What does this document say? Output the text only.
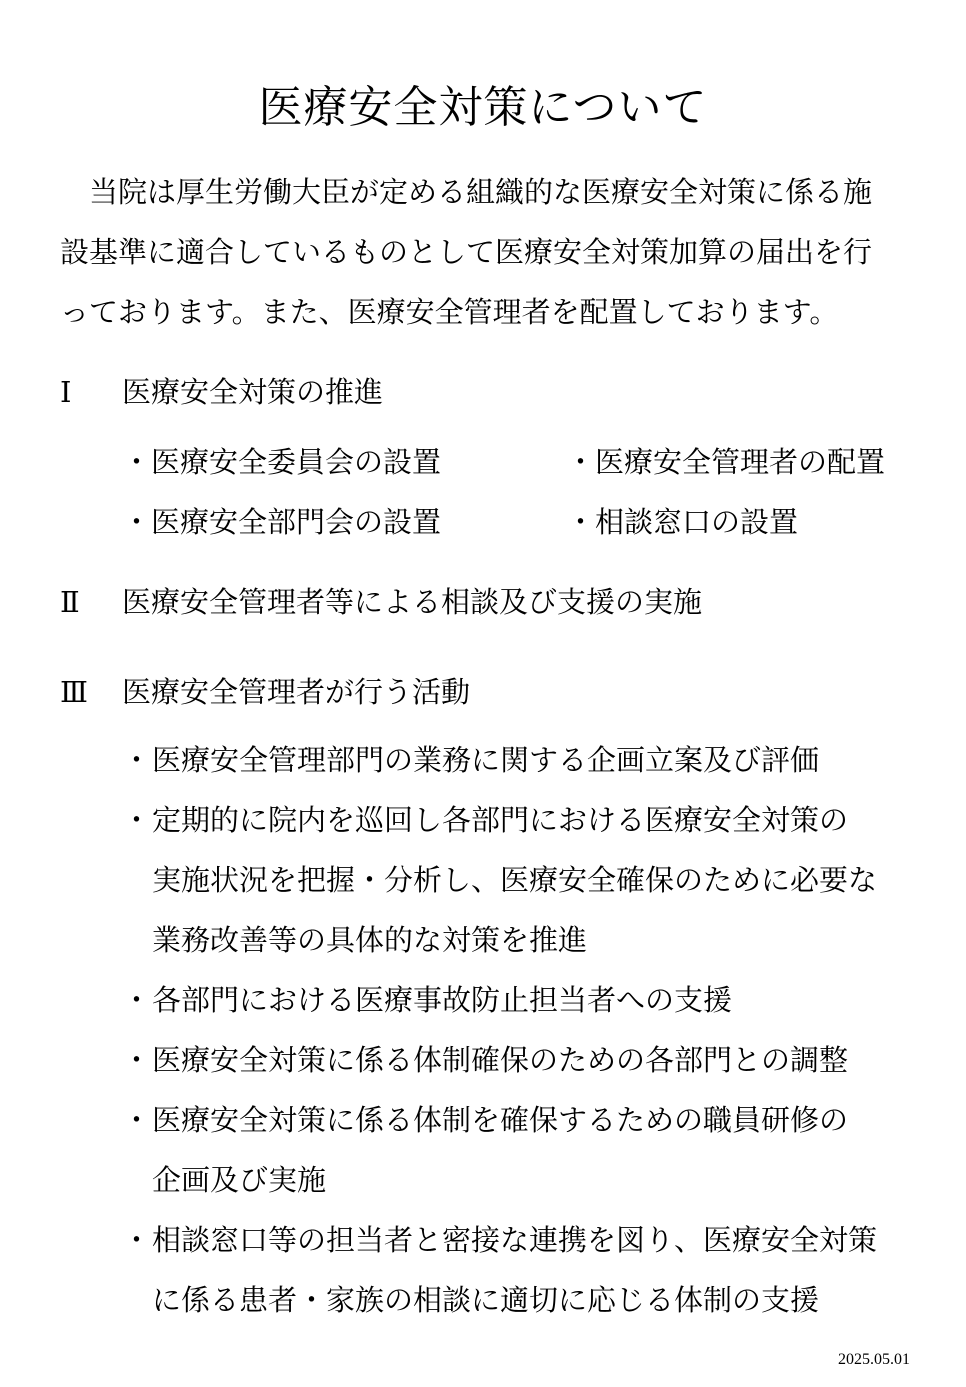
医療安全対策について
　当院は厚生労働大臣が定める組織的な医療安全対策に係る施
設基準に適合しているものとして医療安全対策加算の届出を行
っております。また、医療安全管理者を配置しております。
Ⅰ	医療安全対策の推進
・医療安全委員会の設置	・医療安全管理者の配置
・医療安全部門会の設置	・相談窓口の設置
Ⅱ	医療安全管理者等による相談及び支援の実施
Ⅲ	医療安全管理者が行う活動
・ 医療安全管理部門の業務に関する企画立案及び評価
・ 定期的に院内を巡回し各部門における医療安全対策の
実施状況を把握・分析し、医療安全確保のために必要な
業務改善等の具体的な対策を推進
・ 各部門における医療事故防止担当者への支援
・ 医療安全対策に係る体制確保のための各部門との調整
・ 医療安全対策に係る体制を確保するための職員研修の
企画及び実施
・ 相談窓口等の担当者と密接な連携を図り、医療安全対策
に係る患者・家族の相談に適切に応じる体制の支援
2025.05.01
